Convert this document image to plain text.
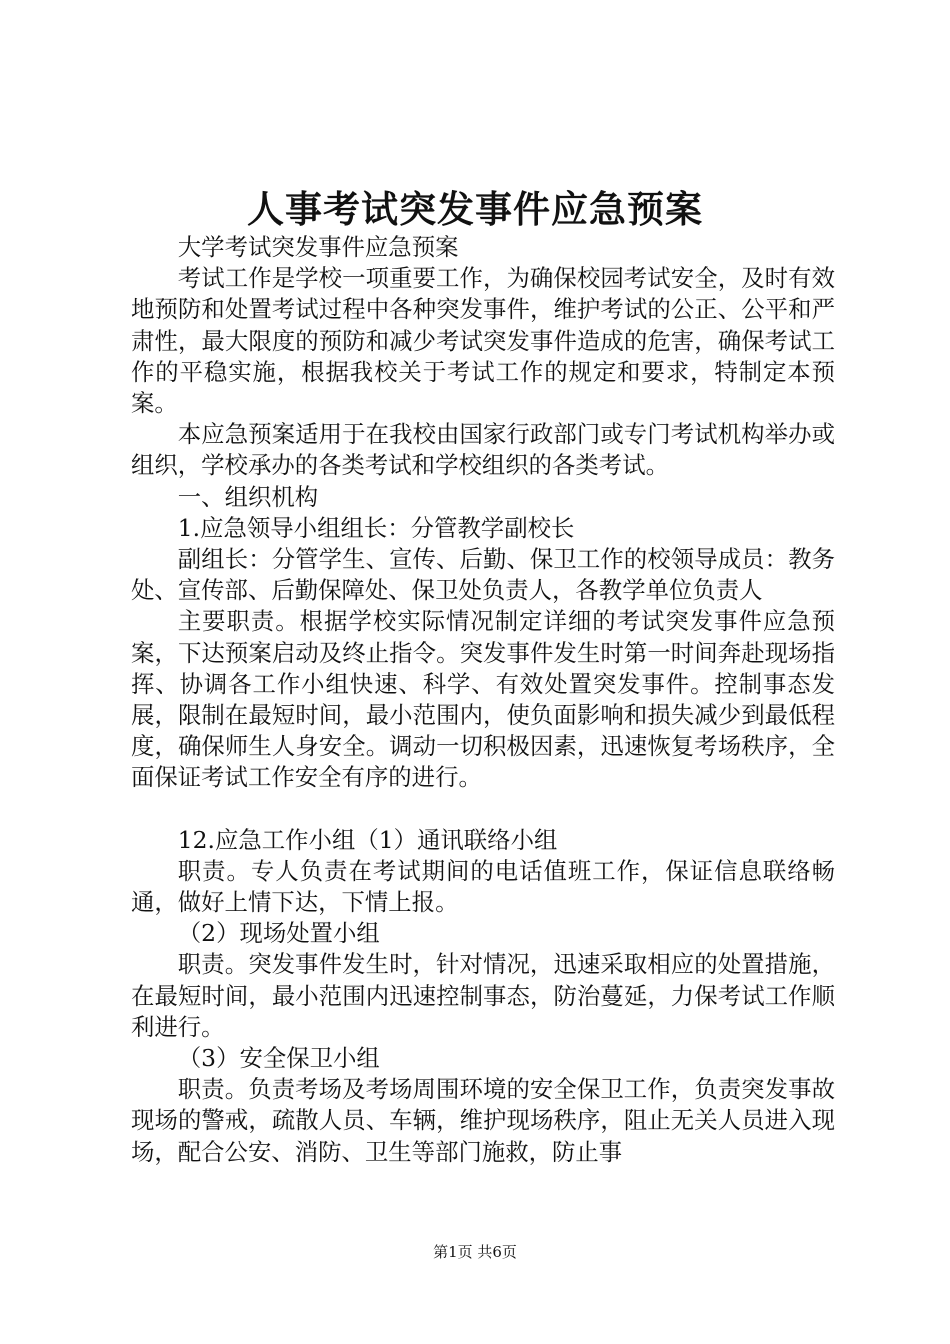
人事考试突发事件应急预案

大学考试突发事件应急预案

考试工作是学校一项重要工作，为确保校园考试安全，及时有效地预防和处置考试过程中各种突发事件，维护考试的公正、公平和严肃性，最大限度的预防和减少考试突发事件造成的危害，确保考试工作的平稳实施，根据我校关于考试工作的规定和要求，特制定本预案。

本应急预案适用于在我校由国家行政部门或专门考试机构举办或组织，学校承办的各类考试和学校组织的各类考试。

一、组织机构

1.应急领导小组组长：分管教学副校长

副组长：分管学生、宣传、后勤、保卫工作的校领导成员：教务处、宣传部、后勤保障处、保卫处负责人，各教学单位负责人

主要职责。根据学校实际情况制定详细的考试突发事件应急预案，下达预案启动及终止指令。突发事件发生时第一时间奔赴现场指挥、协调各工作小组快速、科学、有效处置突发事件。控制事态发展，限制在最短时间，最小范围内，使负面影响和损失减少到最低程度，确保师生人身安全。调动一切积极因素，迅速恢复考场秩序，全面保证考试工作安全有序的进行。

12.应急工作小组（1）通讯联络小组

职责。专人负责在考试期间的电话值班工作，保证信息联络畅通，做好上情下达，下情上报。

（2）现场处置小组

职责。突发事件发生时，针对情况，迅速采取相应的处置措施，在最短时间，最小范围内迅速控制事态，防治蔓延，力保考试工作顺利进行。

（3）安全保卫小组

职责。负责考场及考场周围环境的安全保卫工作，负责突发事故现场的警戒，疏散人员、车辆，维护现场秩序，阻止无关人员进入现场，配合公安、消防、卫生等部门施救，防止事

第1页 共6页
